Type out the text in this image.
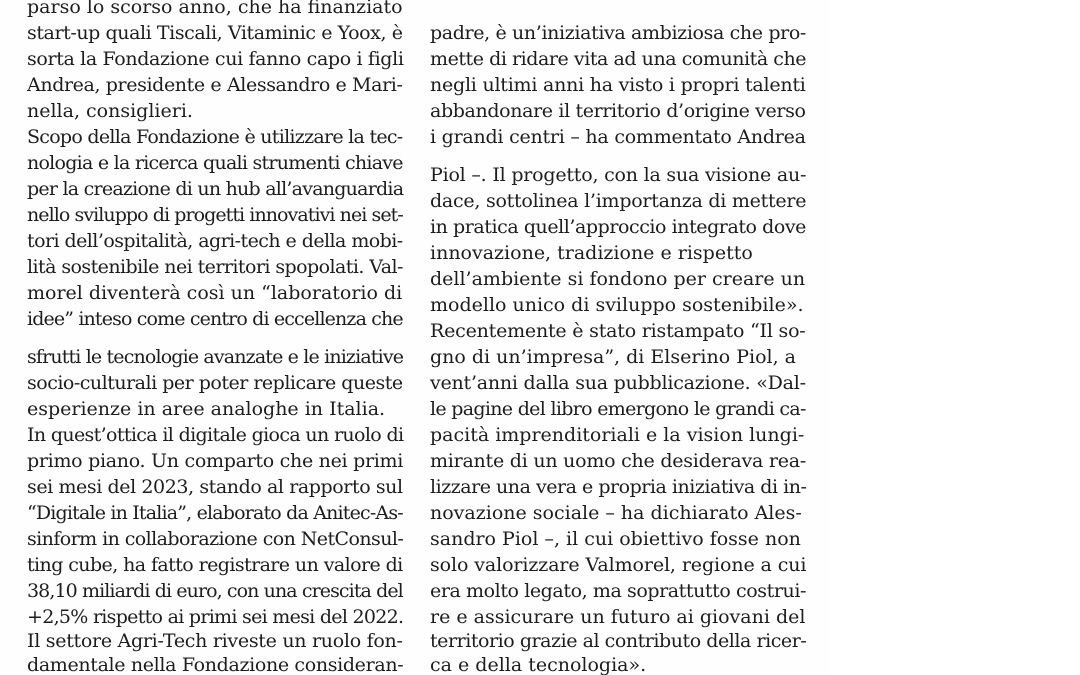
parso lo scorso anno, che ha finanziato

start-up quali Tiscali, Vitaminic e Yoox, è

sorta la Fondazione cui fanno capo i figli

Andrea, presidente e Alessandro e Mari-

nella, consiglieri.

Scopo della Fondazione è utilizzare la tec-

nologia e la ricerca quali strumenti chiave

per la creazione di un hub all’avanguardia

nello sviluppo di progetti innovativi nei set-

tori dell’ospitalità, agri-tech e della mobi-

lità sostenibile nei territori spopolati. Val-

morel diventerà così un “laboratorio di

idee” inteso come centro di eccellenza che

sfrutti le tecnologie avanzate e le iniziative

socio-culturali per poter replicare queste

esperienze in aree analoghe in Italia.

In quest’ottica il digitale gioca un ruolo di

primo piano. Un comparto che nei primi

sei mesi del 2023, stando al rapporto sul

“Digitale in Italia”, elaborato da Anitec-As-

sinform in collaborazione con NetConsul-

ting cube, ha fatto registrare un valore di

38,10 miliardi di euro, con una crescita del

+2,5% rispetto ai primi sei mesi del 2022.

Il settore Agri-Tech riveste un ruolo fon-

damentale nella Fondazione consideran-

padre, è un’iniziativa ambiziosa che pro-

mette di ridare vita ad una comunità che

negli ultimi anni ha visto i propri talenti

abbandonare il territorio d’origine verso

i grandi centri – ha commentato Andrea

Piol –. Il progetto, con la sua visione au-

dace, sottolinea l’importanza di mettere

in pratica quell’approccio integrato dove

innovazione, tradizione e rispetto

dell’ambiente si fondono per creare un

modello unico di sviluppo sostenibile».

Recentemente è stato ristampato “Il so-

gno di un’impresa”, di Elserino Piol, a

vent’anni dalla sua pubblicazione. «Dal-

le pagine del libro emergono le grandi ca-

pacità imprenditoriali e la vision lungi-

mirante di un uomo che desiderava rea-

lizzare una vera e propria iniziativa di in-

novazione sociale – ha dichiarato Ales-

sandro Piol –, il cui obiettivo fosse non

solo valorizzare Valmorel, regione a cui

era molto legato, ma soprattutto costrui-

re e assicurare un futuro ai giovani del

territorio grazie al contributo della ricer-

ca e della tecnologia».
